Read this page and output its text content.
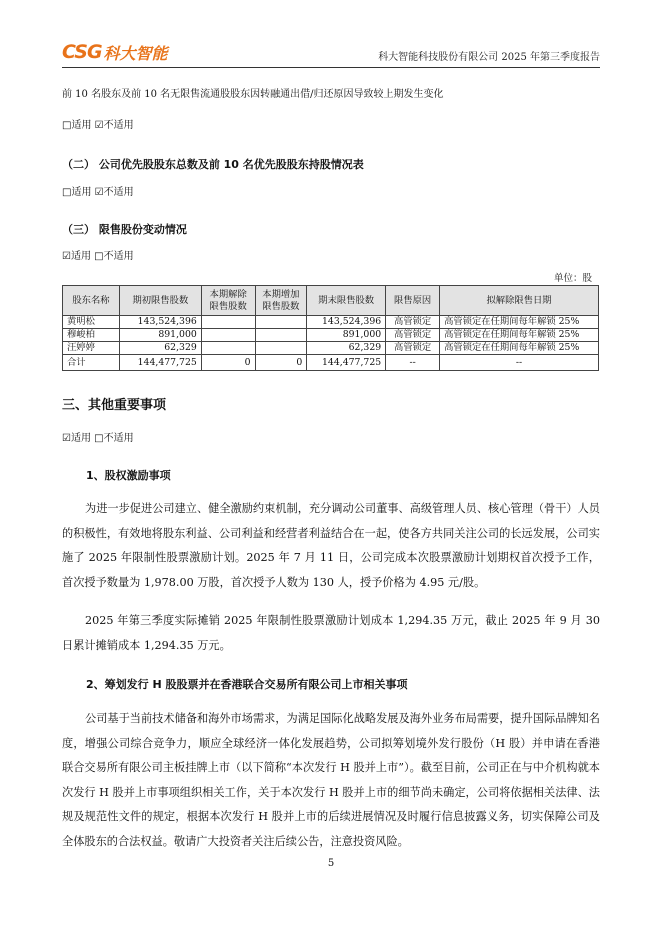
CSG 科大智能	科大智能科技股份有限公司 2025 年第三季度报告
前 10 名股东及前 10 名无限售流通股股东因转融通出借/归还原因导致较上期发生变化
□适用 ☑不适用
（二） 公司优先股股东总数及前 10 名优先股股东持股情况表
□适用 ☑不适用
（三） 限售股份变动情况
☑适用 □不适用
单位：股
股东名称	期初限售股数	本期解除限售股数	本期增加限售股数	期末限售股数	限售原因	拟解除限售日期
黄明松	143,524,396			143,524,396	高管锁定	高管锁定在任期间每年解锁 25%
穆峻柏	891,000			891,000	高管锁定	高管锁定在任期间每年解锁 25%
汪婷婷	62,329			62,329	高管锁定	高管锁定在任期间每年解锁 25%
合计	144,477,725	0	0	144,477,725	--	--
三、其他重要事项
☑适用 □不适用
1、股权激励事项

为进一步促进公司建立、健全激励约束机制，充分调动公司董事、高级管理人员、核心管理（骨干）人员的积极性，有效地将股东利益、公司利益和经营者利益结合在一起，使各方共同关注公司的长远发展，公司实施了 2025 年限制性股票激励计划。2025 年 7 月 11 日，公司完成本次股票激励计划期权首次授予工作，首次授予数量为 1,978.00 万股，首次授予人数为 130 人，授予价格为 4.95 元/股。

2025 年第三季度实际摊销 2025 年限制性股票激励计划成本 1,294.35 万元，截止 2025 年 9 月 30 日累计摊销成本 1,294.35 万元。

2、筹划发行 H 股股票并在香港联合交易所有限公司上市相关事项

公司基于当前技术储备和海外市场需求，为满足国际化战略发展及海外业务布局需要，提升国际品牌知名度，增强公司综合竞争力，顺应全球经济一体化发展趋势，公司拟筹划境外发行股份（H 股）并申请在香港联合交易所有限公司主板挂牌上市（以下简称“本次发行 H 股并上市”）。截至目前，公司正在与中介机构就本次发行 H 股并上市事项组织相关工作，关于本次发行 H 股并上市的细节尚未确定，公司将依据相关法律、法规及规范性文件的规定，根据本次发行 H 股并上市的后续进展情况及时履行信息披露义务，切实保障公司及全体股东的合法权益。敬请广大投资者关注后续公告，注意投资风险。

5
